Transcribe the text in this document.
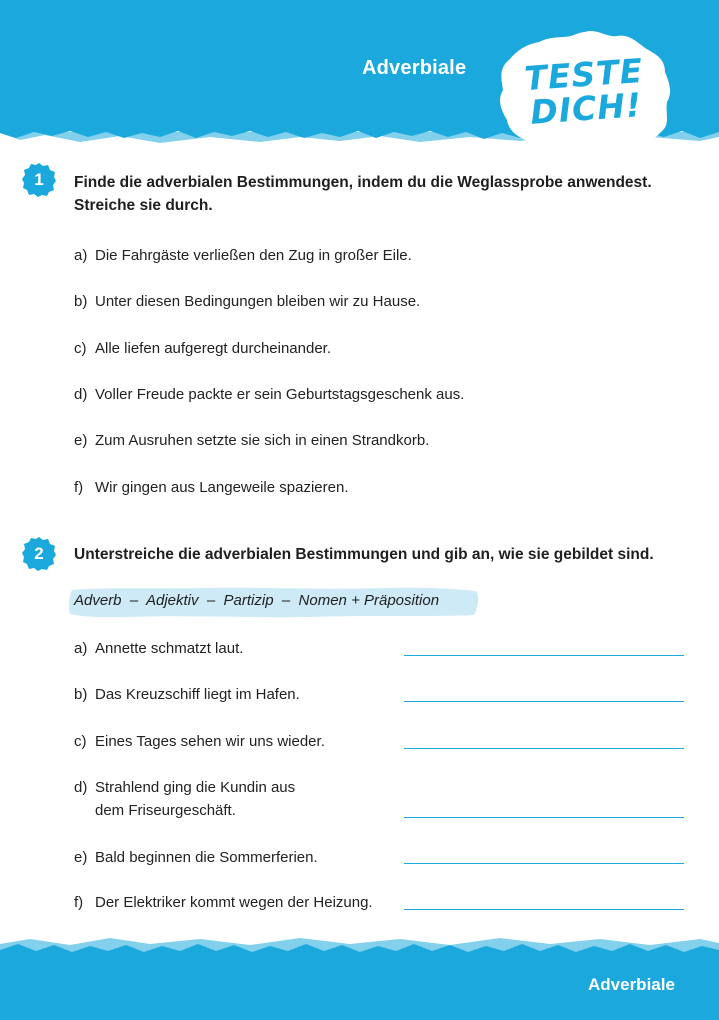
Adverbiale	TESTE
DICH!
1	Finde die adverbialen Bestimmungen, indem du die Weglassprobe anwendest.
Streiche sie durch.
a) Die Fahrgäste verließen den Zug in großer Eile.
b) Unter diesen Bedingungen bleiben wir zu Hause.
c) Alle liefen aufgeregt durcheinander.
d) Voller Freude packte er sein Geburtstagsgeschenk aus.
e) Zum Ausruhen setzte sie sich in einen Strandkorb.
f) Wir gingen aus Langeweile spazieren.
2	Unterstreiche die adverbialen Bestimmungen und gib an, wie sie gebildet sind.
Adverb  –  Adjektiv  –  Partizip  –  Nomen + Präposition
a) Annette schmatzt laut.
b) Das Kreuzschiff liegt im Hafen.
c) Eines Tages sehen wir uns wieder.
d) Strahlend ging die Kundin aus
dem Friseurgeschäft.
e) Bald beginnen die Sommerferien.
f) Der Elektriker kommt wegen der Heizung.
Adverbiale
